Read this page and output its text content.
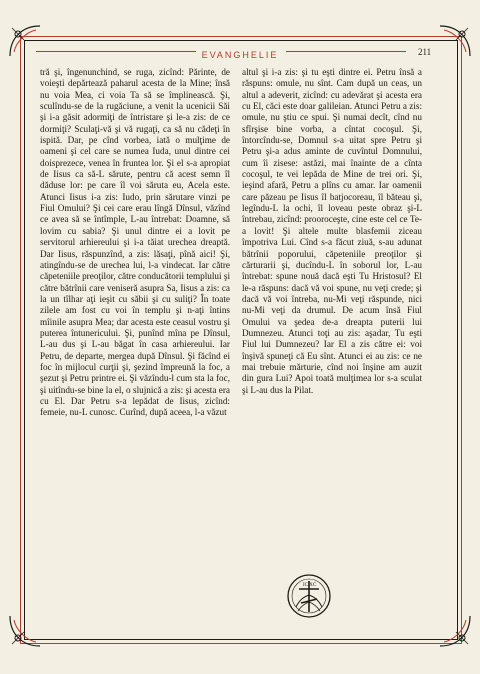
EVANGHELIE	211

tră şi, îngenunchind, se ruga, zicînd: Părinte, de voieşti depărtează paharul acesta de la Mine; însă nu voia Mea, ci voia Ta să se împlinească. Şi, sculîndu-se de la rugăciune, a venit la ucenicii Săi şi i-a găsit adormiţi de întristare şi le-a zis: de ce dormiţi? Sculaţi-vă şi vă rugaţi, ca să nu cădeţi în ispită. Dar, pe cînd vorbea, iată o mulţime de oameni şi cel care se numea Iuda, unul dintre cei doisprezece, venea în fruntea lor. Şi el s-a apropiat de Iisus ca să-L sărute, pentru că acest semn îl dăduse lor: pe care îl voi săruta eu, Acela este. Atunci Iisus i-a zis: Iudo, prin sărutare vinzi pe Fiul Omului? Şi cei care erau lîngă Dînsul, văzînd ce avea să se întîmple, L-au întrebat: Doamne, să lovim cu sabia? Şi unul dintre ei a lovit pe servitorul arhiereului şi i-a tăiat urechea dreaptă. Dar Iisus, răspunzînd, a zis: lăsaţi, pînă aici! Şi, atingîndu-se de urechea lui, l-a vindecat. Iar către căpeteniile preoţilor, către conducătorii templului şi către bătrînii care veniseră asupra Sa, Iisus a zis: ca la un tîlhar aţi ieşit cu săbii şi cu suliţi? În toate zilele am fost cu voi în templu şi n-aţi întins mîinile asupra Mea; dar acesta este ceasul vostru şi puterea întunericului. Şi, punînd mîna pe Dînsul, L-au dus şi L-au băgat în casa arhiereului. Iar Petru, de departe, mergea după Dînsul. Şi făcînd ei foc în mijlocul curţii şi, şezind împreună la foc, a şezut şi Petru printre ei. Şi văzîndu-l cum sta la foc, şi uitîndu-se bine la el, o slujnică a zis: şi acesta era cu El. Dar Petru s-a lepădat de Iisus, zicînd: femeie, nu-L cunosc. Curînd, după aceea, l-a văzut

altul şi i-a zis: şi tu eşti dintre ei. Petru însă a răspuns: omule, nu sînt. Cam după un ceas, un altul a adeverit, zicînd: cu adevărat şi acesta era cu El, căci este doar galileian. Atunci Petru a zis: omule, nu ştiu ce spui. Şi numai decît, cînd nu sfîrşise bine vorba, a cîntat cocoşul. Şi, întorcîndu-se, Domnul s-a uitat spre Petru şi Petru şi-a adus aminte de cuvîntul Domnului, cum îi zisese: astăzi, mai înainte de a cînta cocoşul, te vei lepăda de Mine de trei ori. Şi, ieşind afară, Petru a plîns cu amar. Iar oamenii care păzeau pe Iisus îl batjocoreau, îl băteau şi, legîndu-L la ochi, îl loveau peste obraz şi-L întrebau, zicînd: prooroceşte, cine este cel ce Te-a lovit! Şi altele multe blasfemii ziceau împotriva Lui. Cînd s-a făcut ziuă, s-au adunat bătrînii poporului, căpeteniile preoţilor şi cărturarii şi, ducîndu-L în soborul lor, L-au întrebat: spune nouă dacă eşti Tu Hristosul? El le-a răspuns: dacă vă voi spune, nu veţi crede; şi dacă vă voi întreba, nu-Mi veţi răspunde, nici nu-Mi veţi da drumul. De acum însă Fiul Omului va şedea de-a dreapta puterii lui Dumnezeu. Atunci toţi au zis: aşadar, Tu eşti Fiul lui Dumnezeu? Iar El a zis către ei: voi înşivă spuneţi că Eu sînt. Atunci ei au zis: ce ne mai trebuie mărturie, cînd noi înşine am auzit din gura Lui? Apoi toată mulţimea lor s-a sculat şi L-au dus la Pilat.

IC XC
